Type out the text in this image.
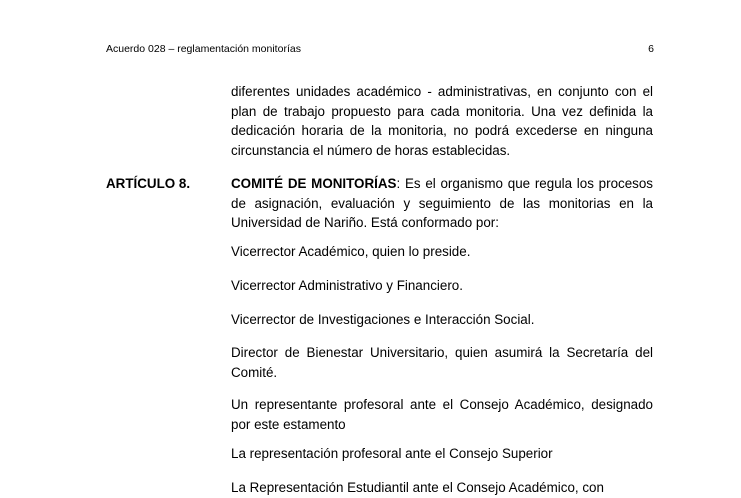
Acuerdo 028 – reglamentación monitorías	6

diferentes unidades académico - administrativas, en conjunto con el plan de trabajo propuesto para cada monitoria. Una vez definida la dedicación horaria de la monitoria, no podrá excederse en ninguna circunstancia el número de horas establecidas.

ARTÍCULO 8.	COMITÉ DE MONITORÍAS: Es el organismo que regula los procesos de asignación, evaluación y seguimiento de las monitorias en la Universidad de Nariño. Está conformado por:

Vicerrector Académico, quien lo preside.

Vicerrector Administrativo y Financiero.

Vicerrector de Investigaciones e Interacción Social.

Director de Bienestar Universitario, quien asumirá la Secretaría del Comité.

Un representante profesoral ante el Consejo Académico, designado por este estamento

La representación profesoral ante el Consejo Superior

La Representación Estudiantil ante el Consejo Académico, con
